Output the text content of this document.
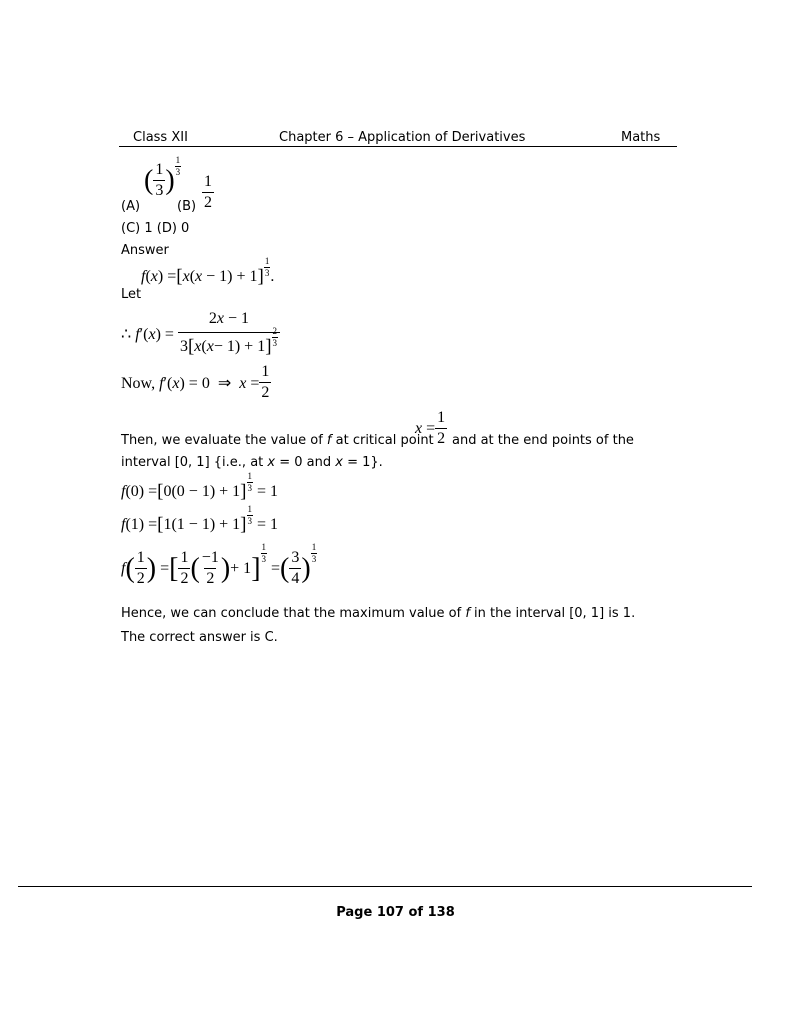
Class XII	Chapter 6 – Application of Derivatives	Maths
(A)
( $\frac{1}{3}$ ) $\frac{1}{3}$
$(B) \frac{1}{2}$
(C) 1 (D) 0
Answer
Let
f(x) = [ x(x − 1) + 1 ] $\frac{1}{3}$ .
∴ $f'(x) = \frac{2x - 1}{3 [ x ( x - 1) + 1 ] \frac{2}{3}}$
Now, f′(x) = 0  ⇒  $x = \frac{1}{2}$
Then, we evaluate the value of f at critical point
$x = \frac{1}{2}$ and at the end points of the
interval [0, 1] {i.e., at x = 0 and x = 1}.
f(0) = [ 0(0 − 1) + 1 ] $\frac{1}{3} = 1$
f(1) = [ 1(1 − 1) + 1 ] $\frac{1}{3} = 1$
f ( $\frac{1}{2}$ ) = [ $\frac{1}{2}$ ( $\frac{-1}{2}$ ) + 1 ] $\frac{1}{3}$
= ( $\frac{3}{4}$ ) $\frac{1}{3}$
Hence, we can conclude that the maximum value of f in the interval [0, 1] is 1.
The correct answer is C.
Page 107 of 138
